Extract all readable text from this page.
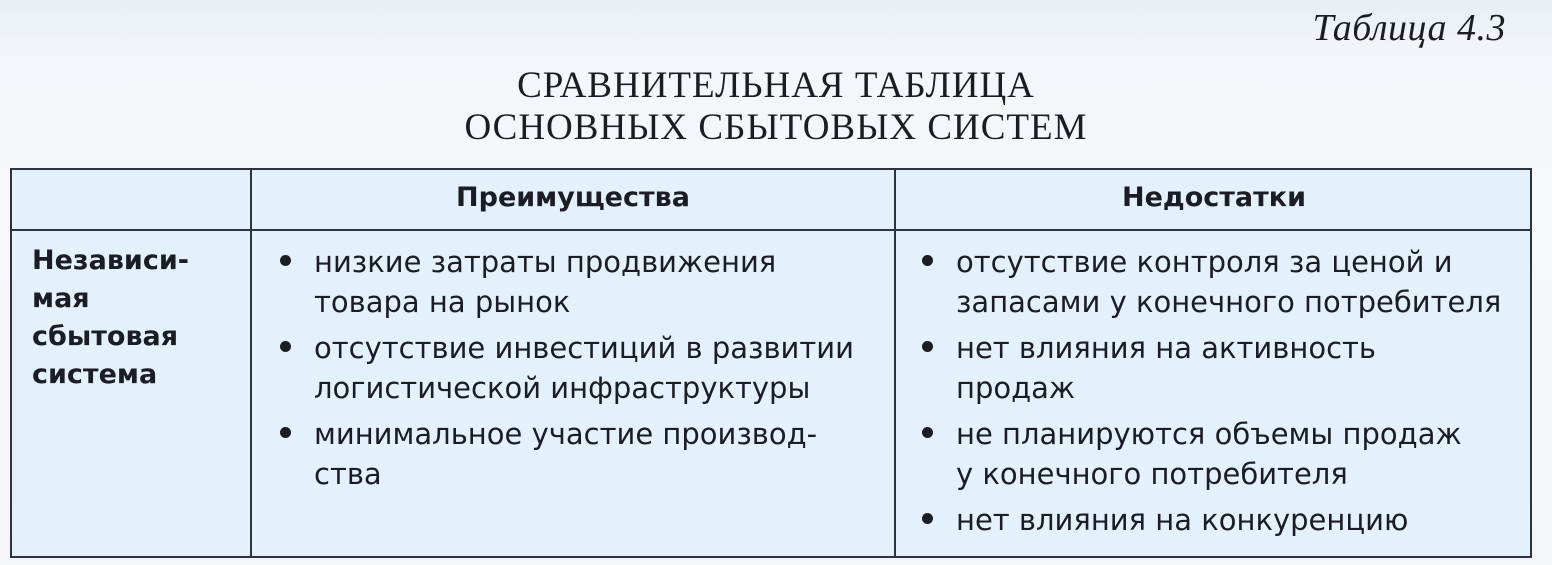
Таблица 4.3
СРАВНИТЕЛЬНАЯ ТАБЛИЦА
ОСНОВНЫХ СБЫТОВЫХ СИСТЕМ
Преимущества	Недостатки
Независи-
мая
сбытовая
система
низкие затраты продвижения
товара на рынок
отсутствие инвестиций в развитии
логистической инфраструктуры
минимальное участие производ-
ства
отсутствие контроля за ценой и
запасами у конечного потребителя
нет влияния на активность
продаж
не планируются объемы продаж
у конечного потребителя
нет влияния на конкуренцию
